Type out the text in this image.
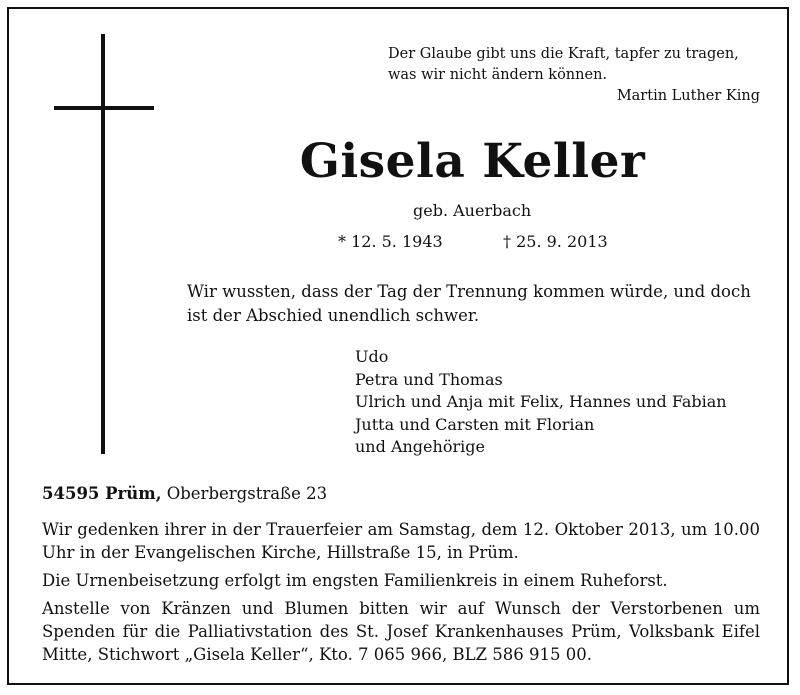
Der Glaube gibt uns die Kraft, tapfer zu tragen,
was wir nicht ändern können.
Martin Luther King
Gisela Keller
geb. Auerbach
* 12. 5. 1943	† 25. 9. 2013
Wir wussten, dass der Tag der Trennung kommen würde, und doch
ist der Abschied unendlich schwer.
Udo
Petra und Thomas
Ulrich und Anja mit Felix, Hannes und Fabian
Jutta und Carsten mit Florian
und Angehörige
54595 Prüm, Oberbergstraße 23
Wir gedenken ihrer in der Trauerfeier am Samstag, dem 12. Oktober 2013, um 10.00 Uhr in der Evangelischen Kirche, Hillstraße 15, in Prüm.
Die Urnenbeisetzung erfolgt im engsten Familienkreis in einem Ruheforst.
Anstelle von Kränzen und Blumen bitten wir auf Wunsch der Verstorbenen um Spenden für die Palliativstation des St. Josef Krankenhauses Prüm, Volksbank Eifel Mitte, Stichwort „Gisela Keller“, Kto. 7 065 966, BLZ 586 915 00.
